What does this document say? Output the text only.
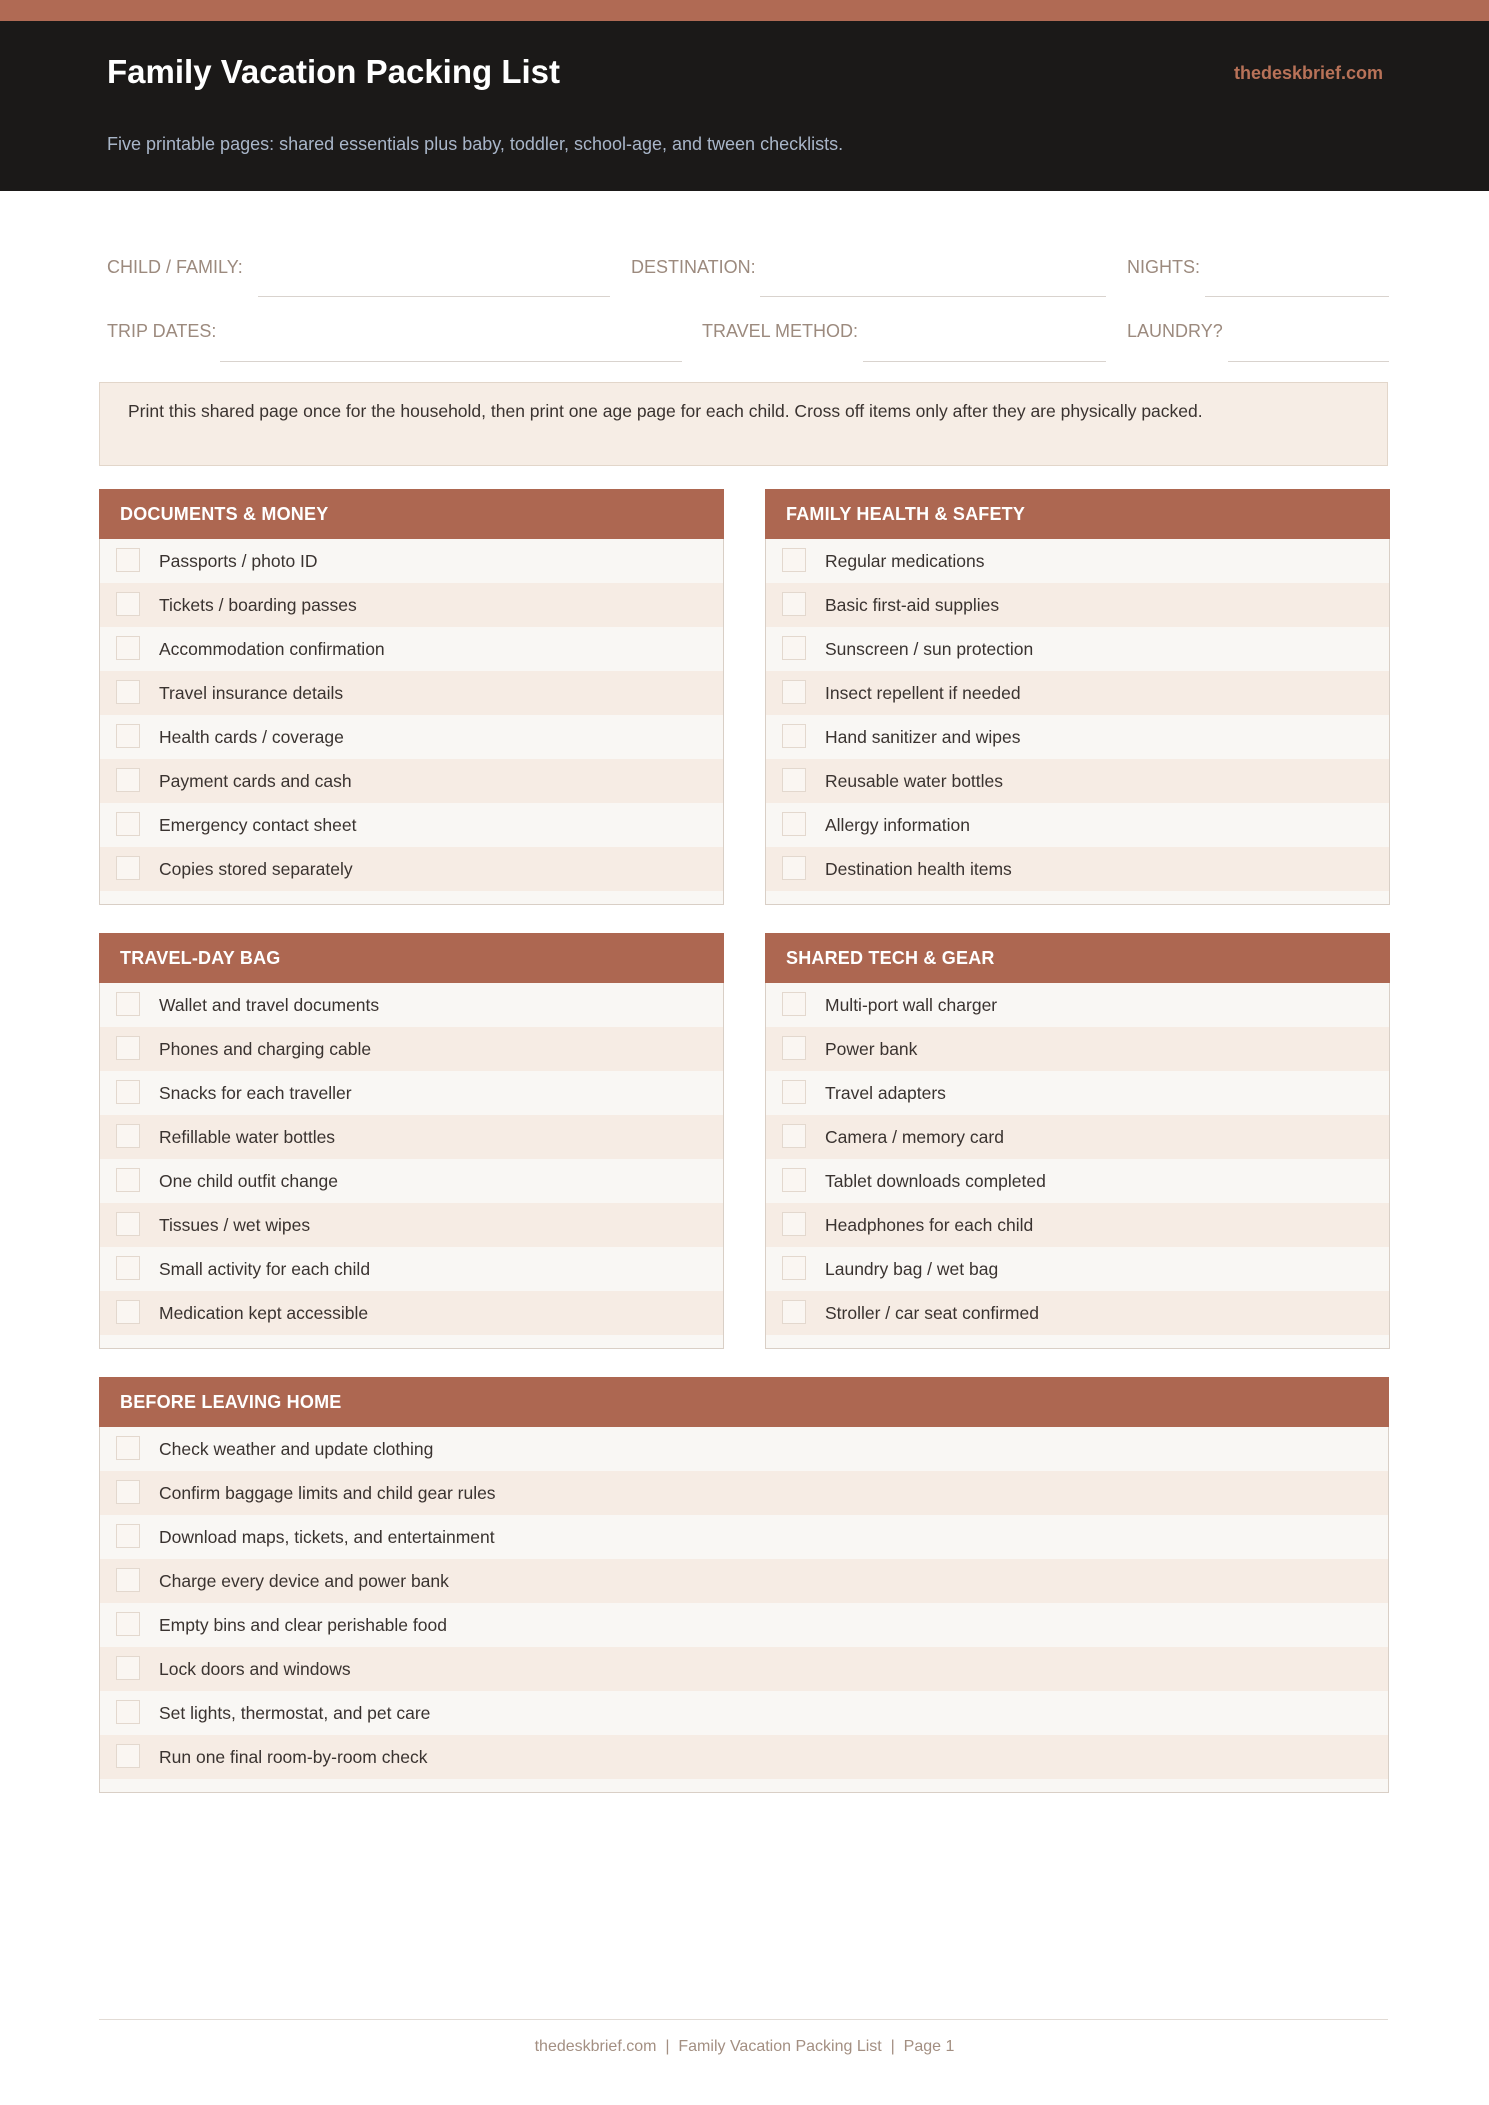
Family Vacation Packing List	thedeskbrief.com
Five printable pages: shared essentials plus baby, toddler, school-age, and tween checklists.
CHILD / FAMILY:	DESTINATION:	NIGHTS:
TRIP DATES:	TRAVEL METHOD:	LAUNDRY?
Print this shared page once for the household, then print one age page for each child. Cross off items only after they are physically packed.
DOCUMENTS & MONEY
Passports / photo ID
Tickets / boarding passes
Accommodation confirmation
Travel insurance details
Health cards / coverage
Payment cards and cash
Emergency contact sheet
Copies stored separately
FAMILY HEALTH & SAFETY
Regular medications
Basic first-aid supplies
Sunscreen / sun protection
Insect repellent if needed
Hand sanitizer and wipes
Reusable water bottles
Allergy information
Destination health items
TRAVEL-DAY BAG
Wallet and travel documents
Phones and charging cable
Snacks for each traveller
Refillable water bottles
One child outfit change
Tissues / wet wipes
Small activity for each child
Medication kept accessible
SHARED TECH & GEAR
Multi-port wall charger
Power bank
Travel adapters
Camera / memory card
Tablet downloads completed
Headphones for each child
Laundry bag / wet bag
Stroller / car seat confirmed
BEFORE LEAVING HOME
Check weather and update clothing
Confirm baggage limits and child gear rules
Download maps, tickets, and entertainment
Charge every device and power bank
Empty bins and clear perishable food
Lock doors and windows
Set lights, thermostat, and pet care
Run one final room-by-room check
thedeskbrief.com  |  Family Vacation Packing List  |  Page 1
